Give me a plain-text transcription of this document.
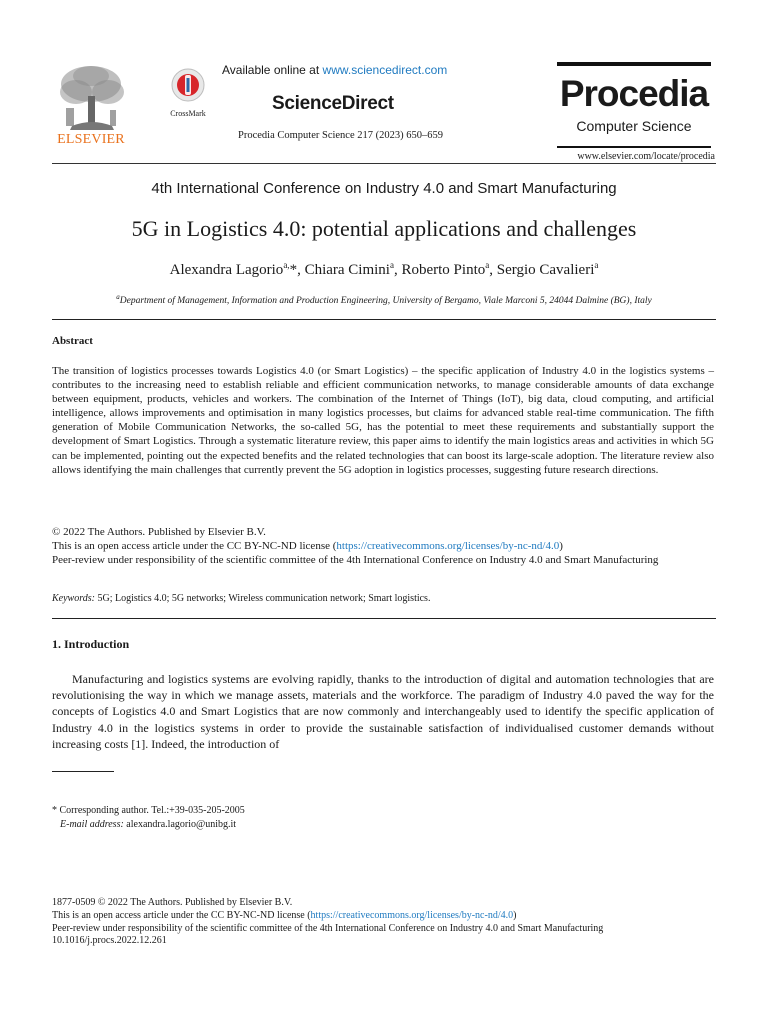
ELSEVIER
CrossMark
Available online at www.sciencedirect.com
ScienceDirect
Procedia Computer Science 217 (2023) 650–659
Procedia
Computer Science
www.elsevier.com/locate/procedia
4th International Conference on Industry 4.0 and Smart Manufacturing
5G in Logistics 4.0: potential applications and challenges
Alexandra Lagorio$^{a,}$*, Chiara Cimini$^a$, Roberto Pinto$^a$, Sergio Cavalieri$^a$
$^a$Department of Management, Information and Production Engineering, University of Bergamo, Viale Marconi 5, 24044 Dalmine (BG), Italy
Abstract
The transition of logistics processes towards Logistics 4.0 (or Smart Logistics) – the specific application of Industry 4.0 in the logistics systems – contributes to the increasing need to establish reliable and efficient communication networks, to manage considerable amounts of data exchange between equipment, products, vehicles and workers. The combination of the Internet of Things (IoT), big data, cloud computing, and artificial intelligence, allows improvements and optimisation in many logistics processes, but claims for advanced stable real-time communication. The fifth generation of Mobile Communication Networks, the so-called 5G, has the potential to meet these requirements and substantially support the development of Smart Logistics. Through a systematic literature review, this paper aims to identify the main logistics areas and activities in which 5G can be implemented, pointing out the expected benefits and the related technologies that can boost its large-scale adoption. The literature review also allows identifying the main challenges that currently prevent the 5G adoption in logistics processes, suggesting future research directions.
© 2022 The Authors. Published by Elsevier B.V.
This is an open access article under the CC BY-NC-ND license (https://creativecommons.org/licenses/by-nc-nd/4.0)
Peer-review under responsibility of the scientific committee of the 4th International Conference on Industry 4.0 and Smart Manufacturing
Keywords: 5G; Logistics 4.0; 5G networks; Wireless communication network; Smart logistics.
1. Introduction
Manufacturing and logistics systems are evolving rapidly, thanks to the introduction of digital and automation technologies that are revolutionising the way in which we manage assets, materials and the workforce. The paradigm of Industry 4.0 paved the way for the concepts of Logistics 4.0 and Smart Logistics that are now commonly and interchangeably used to identify the specific application of Industry 4.0 in the logistics systems in order to provide the sustainable satisfaction of individualised customer demands without increasing costs [1]. Indeed, the introduction of
* Corresponding author. Tel.:+39-035-205-2005
E-mail address: alexandra.lagorio@unibg.it
1877-0509 © 2022 The Authors. Published by Elsevier B.V.
This is an open access article under the CC BY-NC-ND license (https://creativecommons.org/licenses/by-nc-nd/4.0)
Peer-review under responsibility of the scientific committee of the 4th International Conference on Industry 4.0 and Smart Manufacturing
10.1016/j.procs.2022.12.261
